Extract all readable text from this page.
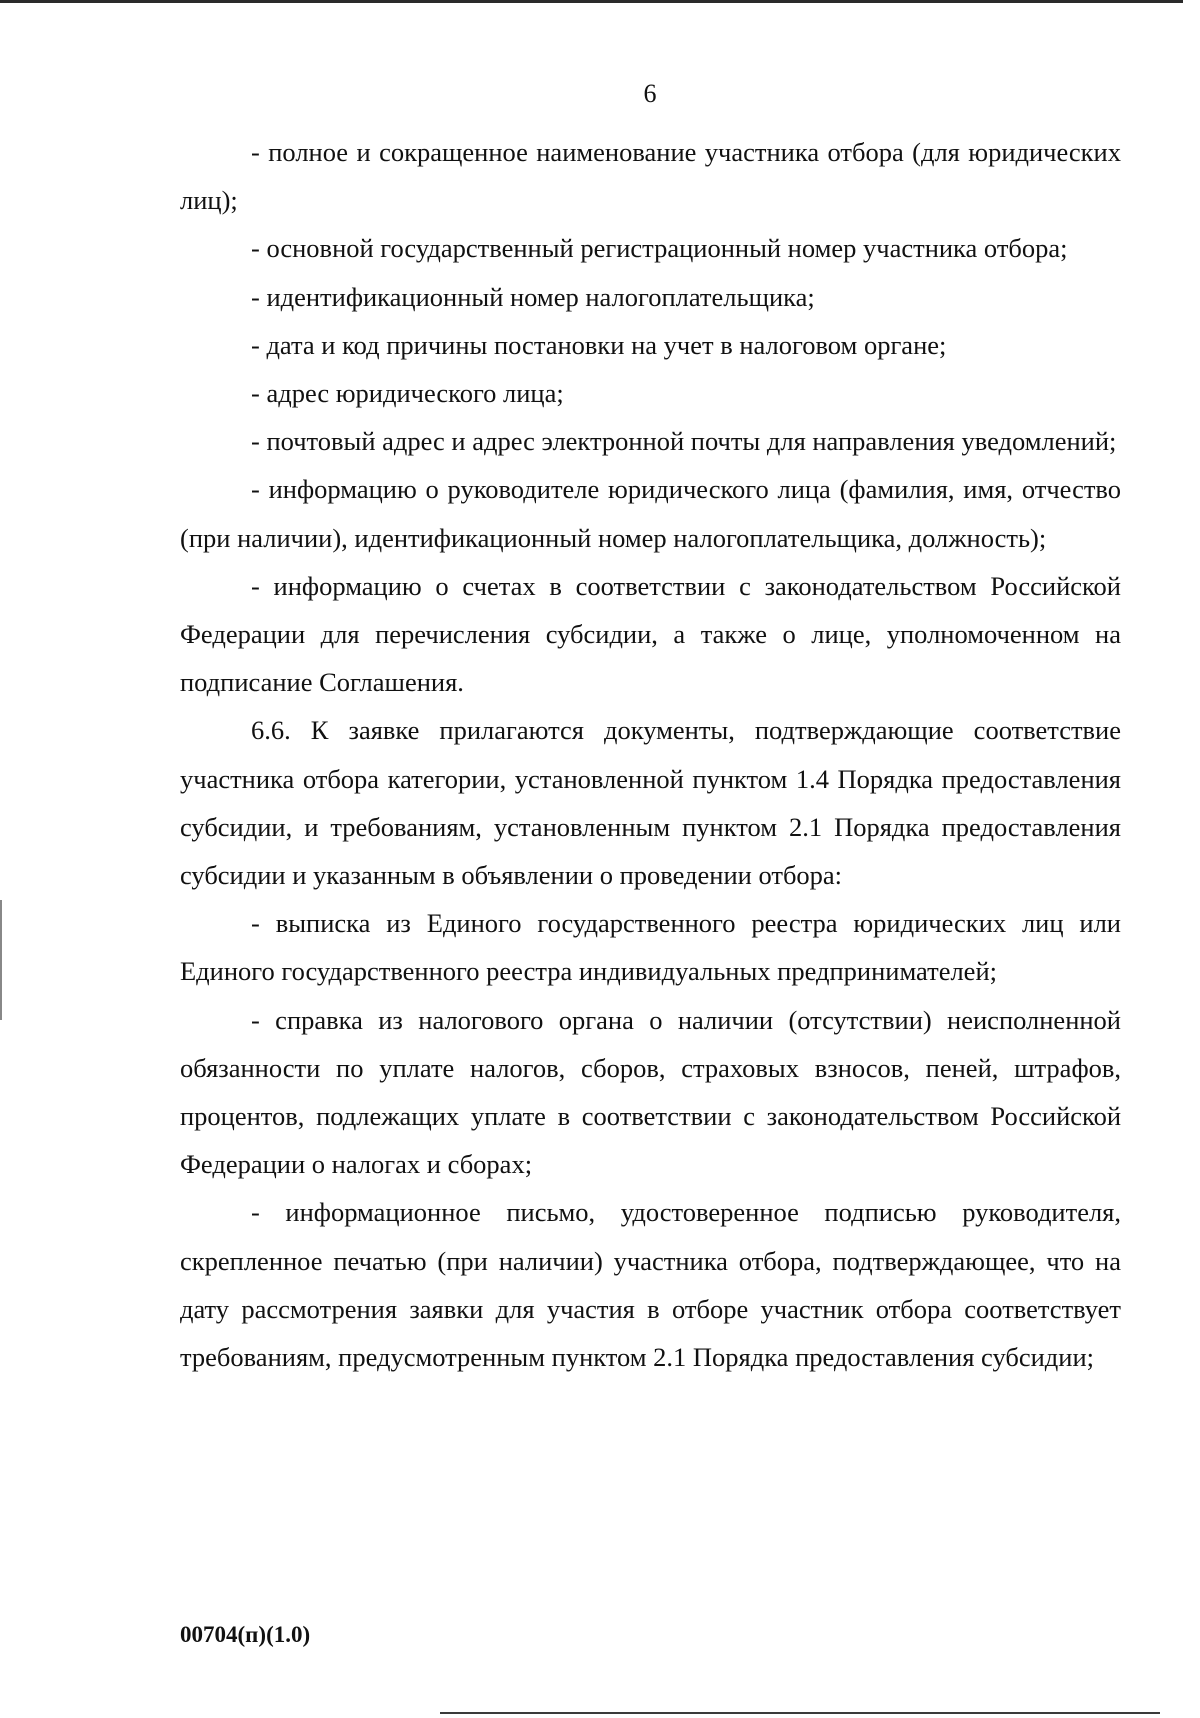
6

- полное и сокращенное наименование участника отбора (для юридических лиц);

- основной государственный регистрационный номер участника отбора;

- идентификационный номер налогоплательщика;

- дата и код причины постановки на учет в налоговом органе;

- адрес юридического лица;

- почтовый адрес и адрес электронной почты для направления уведомлений;

- информацию о руководителе юридического лица (фамилия, имя, отчество (при наличии), идентификационный номер налогоплательщика, должность);

- информацию о счетах в соответствии с законодательством Российской Федерации для перечисления субсидии, а также о лице, уполномоченном на подписание Соглашения.

6.6. К заявке прилагаются документы, подтверждающие соответствие участника отбора категории, установленной пунктом 1.4 Порядка предоставления субсидии, и требованиям, установленным пунктом 2.1 Порядка предоставления субсидии и указанным в объявлении о проведении отбора:

- выписка из Единого государственного реестра юридических лиц или Единого государственного реестра индивидуальных предпринимателей;

- справка из налогового органа о наличии (отсутствии) неисполненной обязанности по уплате налогов, сборов, страховых взносов, пеней, штрафов, процентов, подлежащих уплате в соответствии с законодательством Российской Федерации о налогах и сборах;

- информационное письмо, удостоверенное подписью руководителя, скрепленное печатью (при наличии) участника отбора, подтверждающее, что на дату рассмотрения заявки для участия в отборе участник отбора соответствует требованиям, предусмотренным пунктом 2.1 Порядка предоставления субсидии;

00704(п)(1.0)
